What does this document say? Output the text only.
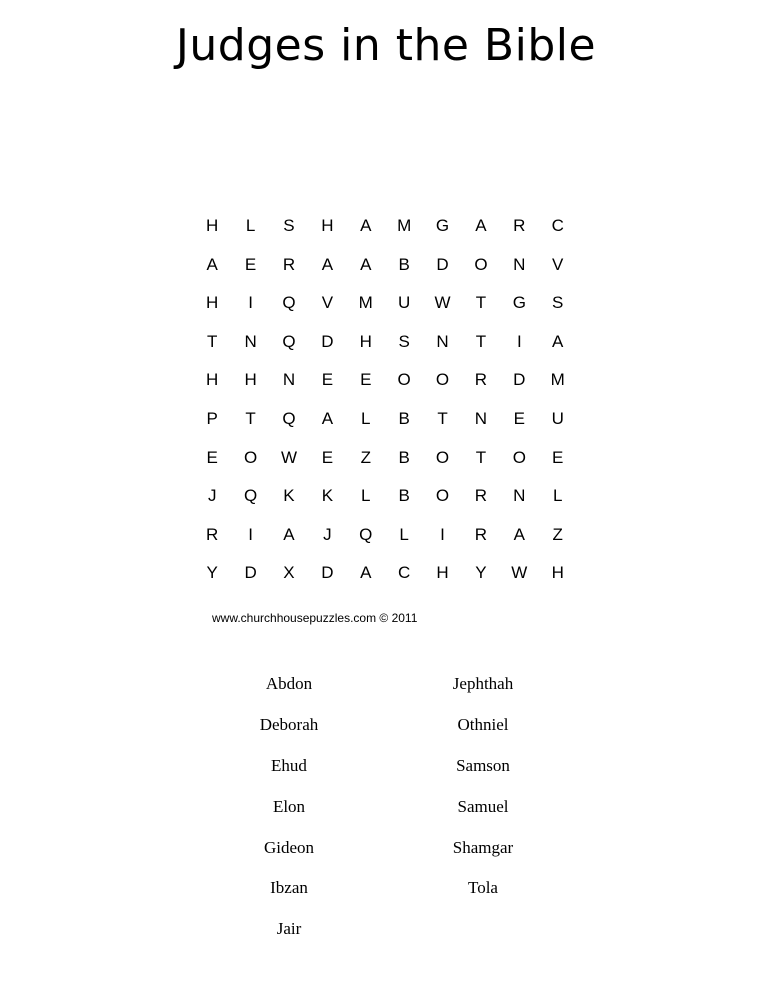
Judges in the Bible
H	L	S	H	A	M	G	A	R	C
A	E	R	A	A	B	D	O	N	V
H	I	Q	V	M	U	W	T	G	S
T	N	Q	D	H	S	N	T	I	A
H	H	N	E	E	O	O	R	D	M
P	T	Q	A	L	B	T	N	E	U
E	O	W	E	Z	B	O	T	O	E
J	Q	K	K	L	B	O	R	N	L
R	I	A	J	Q	L	I	R	A	Z
Y	D	X	D	A	C	H	Y	W	H
www.churchhousepuzzles.com © 2011
Abdon
Deborah
Ehud
Elon
Gideon
Ibzan
Jair
Jephthah
Othniel
Samson
Samuel
Shamgar
Tola
